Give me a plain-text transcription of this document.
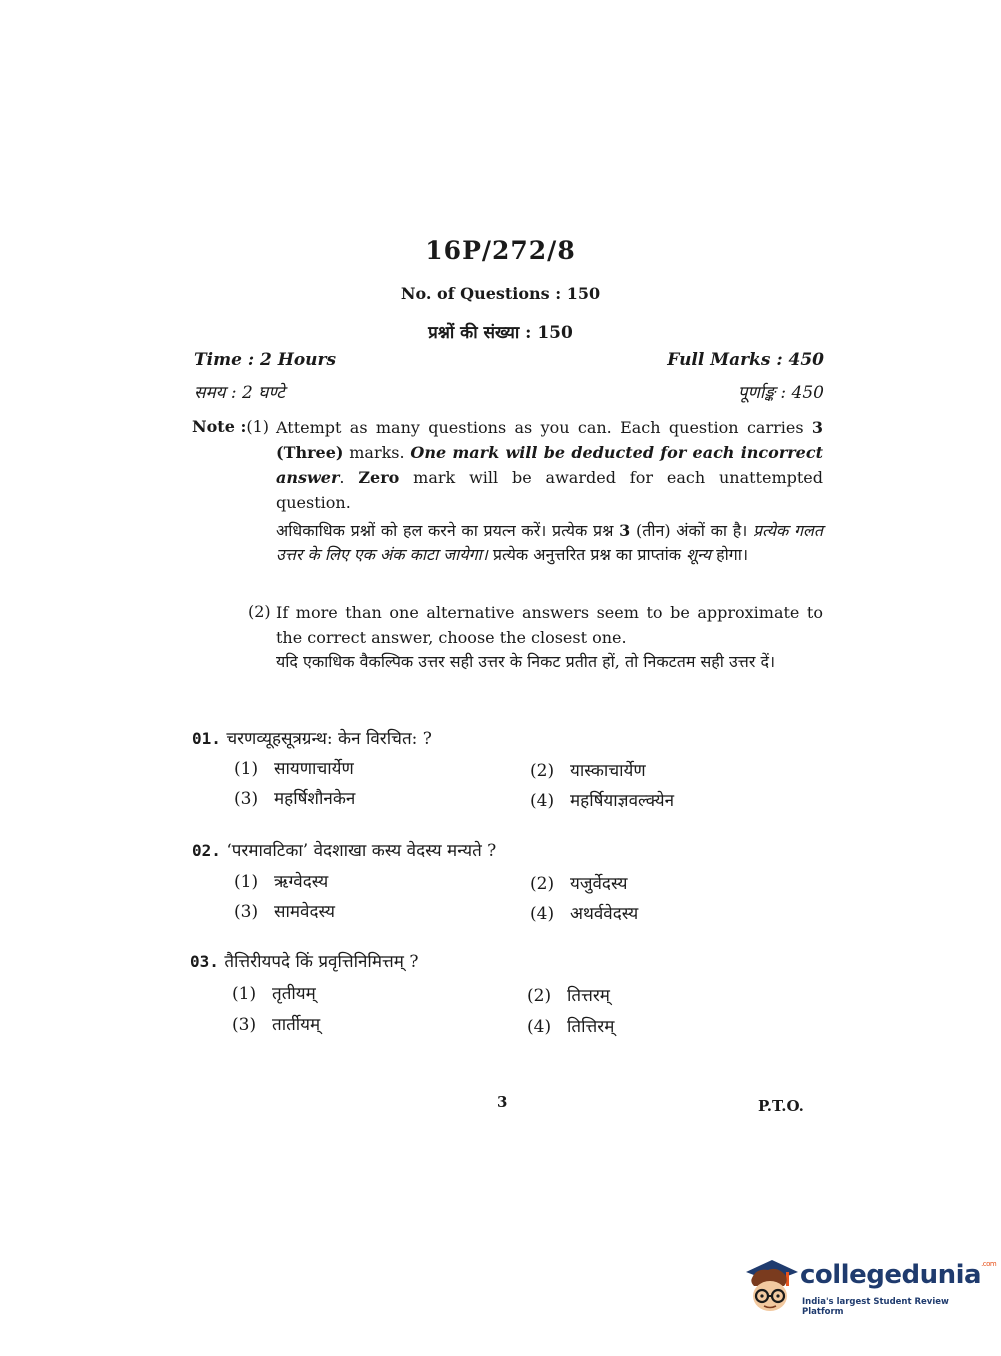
16P/272/8
No. of Questions : 150
प्रश्नों की संख्या : 150
Time : 2 Hours	Full Marks : 450
समय : 2 घण्टे	पूर्णाङ्क : 450
Note :(1) Attempt as many questions as you can. Each question carries 3 (Three) marks. One mark will be deducted for each incorrect answer. Zero mark will be awarded for each unattempted question.
अधिकाधिक प्रश्नों को हल करने का प्रयत्न करें। प्रत्येक प्रश्न 3 (तीन) अंकों का है। प्रत्येक गलत उत्तर के लिए एक अंक काटा जायेगा। प्रत्येक अनुत्तरित प्रश्न का प्राप्तांक शून्य होगा।
(2) If more than one alternative answers seem to be approximate to the correct answer, choose the closest one.
यदि एकाधिक वैकल्पिक उत्तर सही उत्तर के निकट प्रतीत हों, तो निकटतम सही उत्तर दें।
01. चरणव्यूहसूत्रग्रन्थ: केन विरचित: ?
(1) सायणाचार्येण	(2) यास्काचार्येण
(3) महर्षिशौनकेन	(4) महर्षियाज्ञवल्क्येन
02. ‘परमावटिका’ वेदशाखा कस्य वेदस्य मन्यते ?
(1) ऋग्वेदस्य	(2) यजुर्वेदस्य
(3) सामवेदस्य	(4) अथर्ववेदस्य
03. तैत्तिरीयपदे किं प्रवृत्तिनिमित्तम् ?
(1) तृतीयम्	(2) तित्तरम्
(3) तार्तीयम्	(4) तित्तिरम्
3	P.T.O.
collegedunia$^{.com}$
India's largest Student Review Platform
